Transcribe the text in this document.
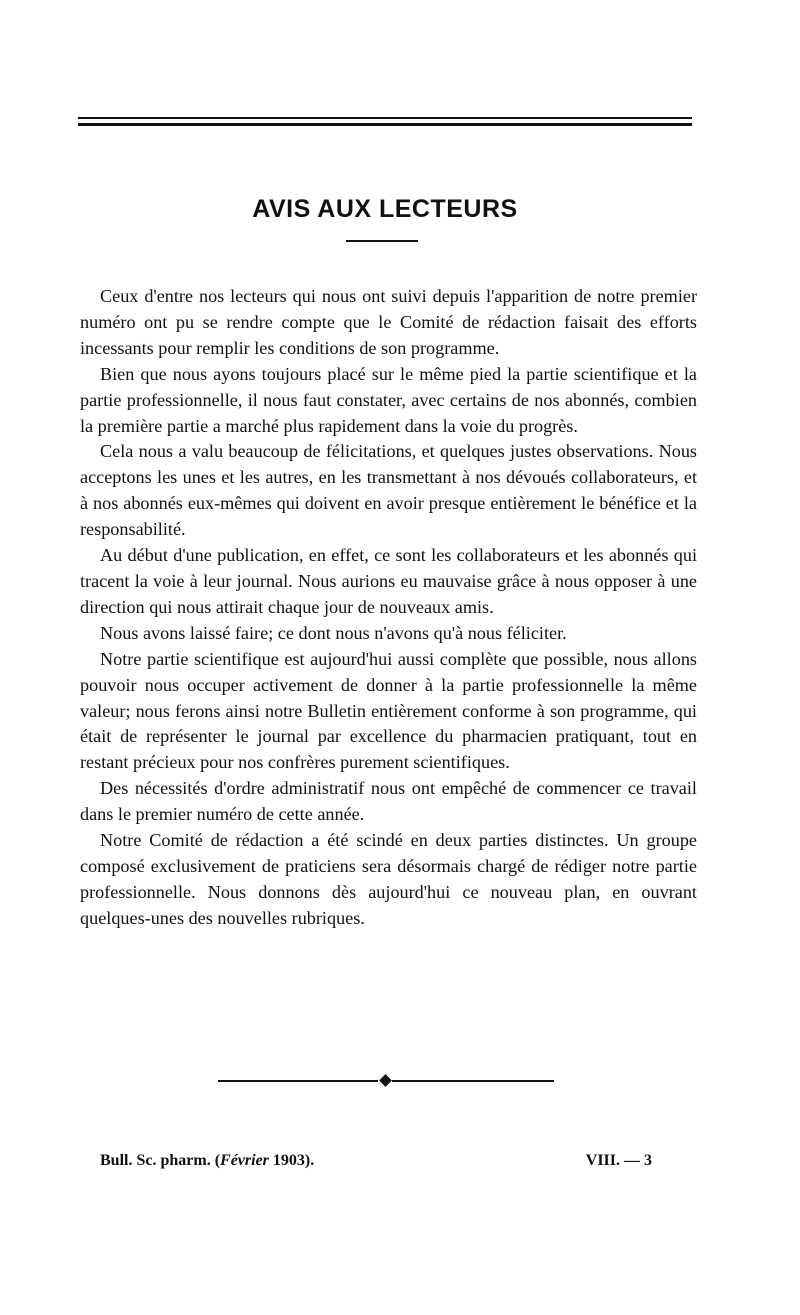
AVIS AUX LECTEURS

Ceux d'entre nos lecteurs qui nous ont suivi depuis l'apparition de notre premier numéro ont pu se rendre compte que le Comité de rédaction faisait des efforts incessants pour remplir les conditions de son programme.

Bien que nous ayons toujours placé sur le même pied la partie scientifique et la partie professionnelle, il nous faut constater, avec certains de nos abonnés, combien la première partie a marché plus rapidement dans la voie du progrès.

Cela nous a valu beaucoup de félicitations, et quelques justes observations. Nous acceptons les unes et les autres, en les transmettant à nos dévoués collaborateurs, et à nos abonnés eux-mêmes qui doivent en avoir presque entièrement le bénéfice et la responsabilité.

Au début d'une publication, en effet, ce sont les collaborateurs et les abonnés qui tracent la voie à leur journal. Nous aurions eu mauvaise grâce à nous opposer à une direction qui nous attirait chaque jour de nouveaux amis.

Nous avons laissé faire; ce dont nous n'avons qu'à nous féliciter.

Notre partie scientifique est aujourd'hui aussi complète que possible, nous allons pouvoir nous occuper activement de donner à la partie professionnelle la même valeur; nous ferons ainsi notre Bulletin entièrement conforme à son programme, qui était de représenter le journal par excellence du pharmacien pratiquant, tout en restant précieux pour nos confrères purement scientifiques.

Des nécessités d'ordre administratif nous ont empêché de commencer ce travail dans le premier numéro de cette année.

Notre Comité de rédaction a été scindé en deux parties distinctes. Un groupe composé exclusivement de praticiens sera désormais chargé de rédiger notre partie professionnelle. Nous donnons dès aujourd'hui ce nouveau plan, en ouvrant quelques-unes des nouvelles rubriques.

Bull. Sc. pharm. (Février 1903).	VIII. — 3
